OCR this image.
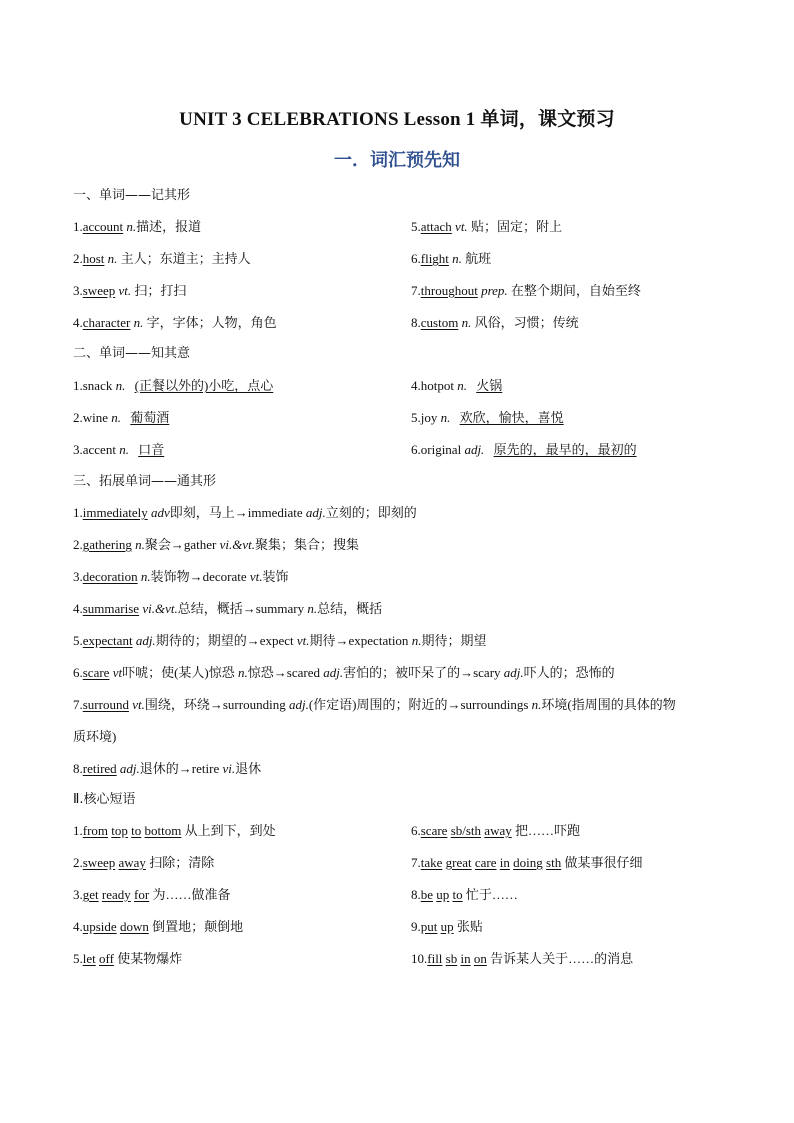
UNIT 3 CELEBRATIONS Lesson 1 单词，课文预习
一．词汇预先知
一、单词——记其形
1.account n.描述，报道	5.attach vt. 贴；固定；附上
2.host n. 主人；东道主；主持人	6.flight n. 航班
3.sweep vt. 扫；打扫	7.throughout prep. 在整个期间，自始至终
4.character n. 字，字体；人物，角色	8.custom n. 风俗，习惯；传统
二、单词——知其意
1.snack n. (正餐以外的)小吃，点心	4.hotpot n. 火锅
2.wine n. 葡萄酒	5.joy n. 欢欣，愉快，喜悦
3.accent n. 口音	6.original adj. 原先的，最早的，最初的
三、拓展单词——通其形
1.immediately adv即刻，马上→immediate adj.立刻的；即刻的
2.gathering n.聚会→gather vi.&vt.聚集；集合；搜集
3.decoration n.装饰物→decorate vt.装饰
4.summarise vi.&vt.总结，概括→summary n.总结，概括
5.expectant adj.期待的；期望的→expect vt.期待→expectation n.期待；期望
6.scare vt吓唬；使(某人)惊恐 n.惊恐→scared adj.害怕的；被吓呆了的→scary adj.吓人的；恐怖的
7.surround vt.围绕，环绕→surrounding adj.(作定语)周围的；附近的→surroundings n.环境(指周围的具体的物
质环境)
8.retired adj.退休的→retire vi.退休
Ⅱ.核心短语
1.from top to bottom 从上到下，到处	6.scare sb/sth away 把……吓跑
2.sweep away 扫除；清除	7.take great care in doing sth 做某事很仔细
3.get ready for 为……做准备	8.be up to 忙于……
4.upside down 倒置地；颠倒地	9.put up 张贴
5.let off 使某物爆炸	10.fill sb in on 告诉某人关于……的消息
